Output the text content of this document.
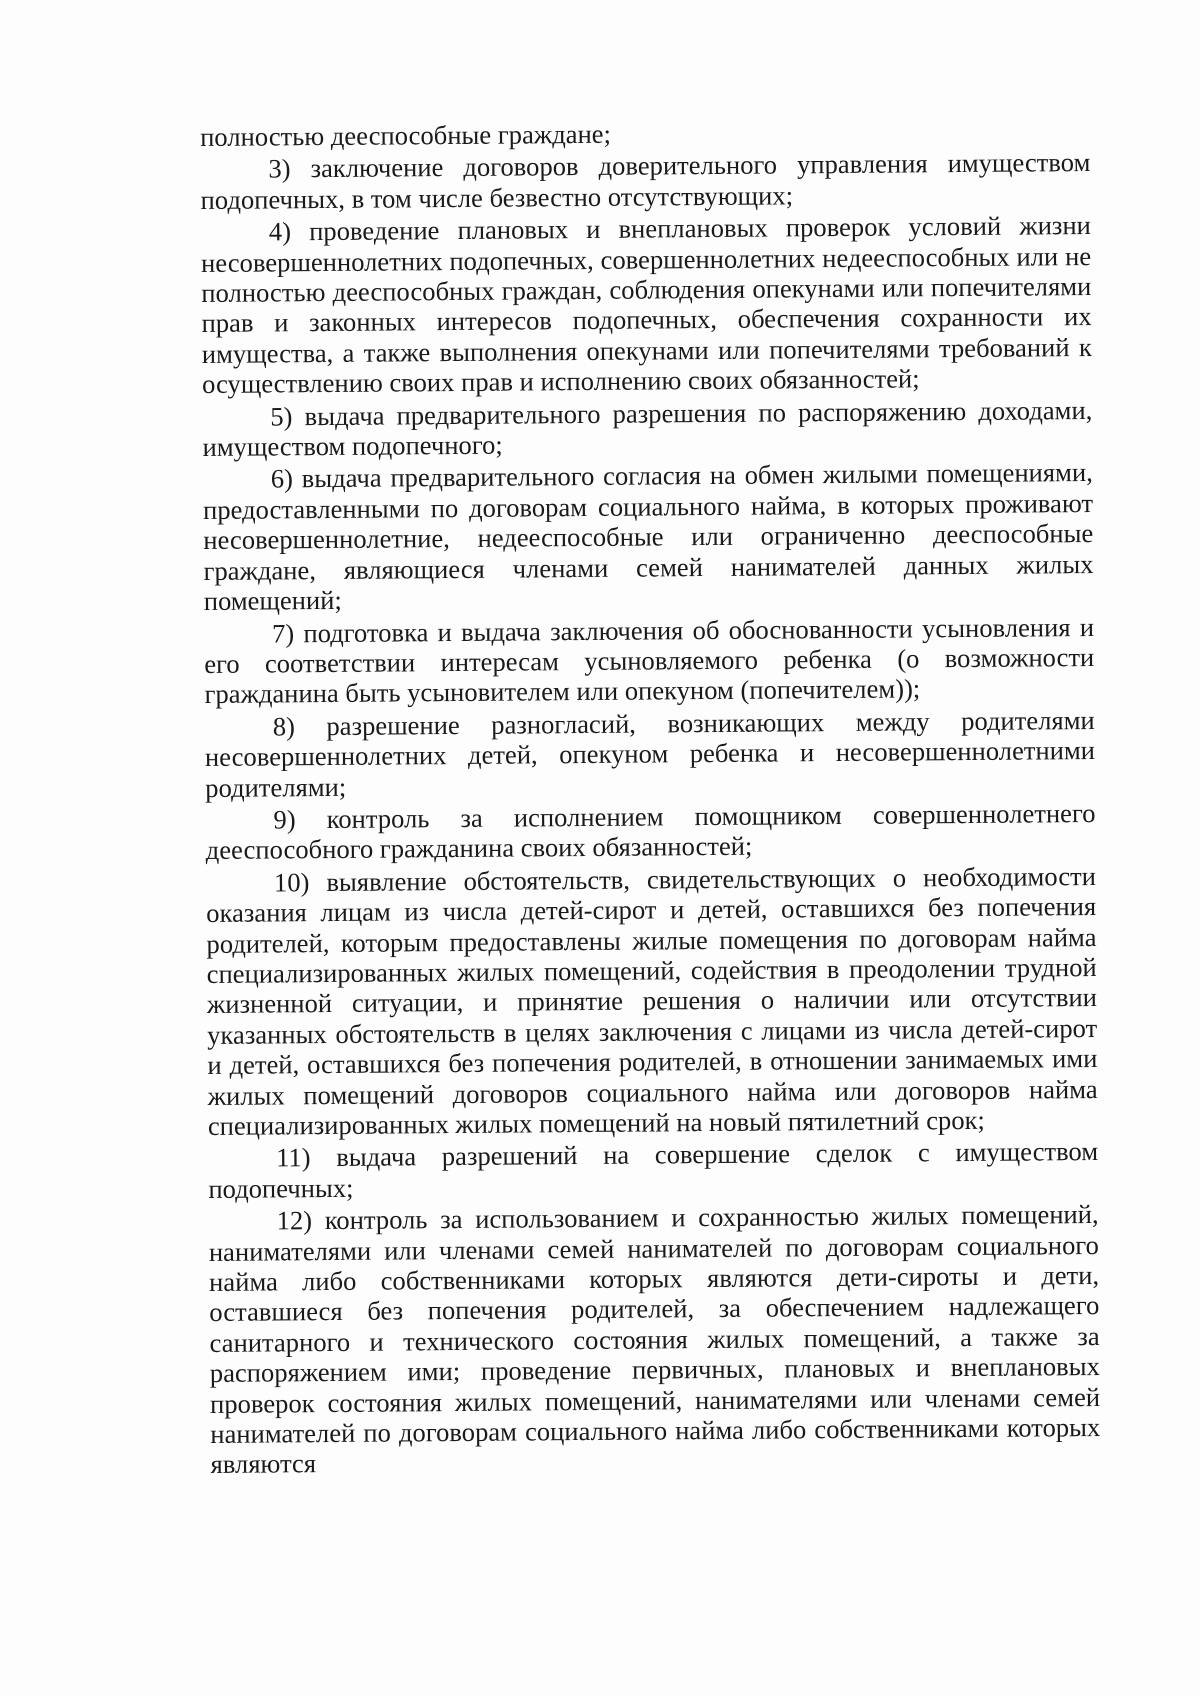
полностью дееспособные граждане;

3) заключение договоров доверительного управления имуществом подопечных, в том числе безвестно отсутствующих;

4) проведение плановых и внеплановых проверок условий жизни несовершеннолетних подопечных, совершеннолетних недееспособных или не полностью дееспособных граждан, соблюдения опекунами или попечителями прав и законных интересов подопечных, обеспечения сохранности их имущества, а также выполнения опекунами или попечителями требований к осуществлению своих прав и исполнению своих обязанностей;

5) выдача предварительного разрешения по распоряжению доходами, имуществом подопечного;

6) выдача предварительного согласия на обмен жилыми помещениями, предоставленными по договорам социального найма, в которых проживают несовершеннолетние, недееспособные или ограниченно дееспособные граждане, являющиеся членами семей нанимателей данных жилых помещений;

7) подготовка и выдача заключения об обоснованности усыновления и его соответствии интересам усыновляемого ребенка (о возможности гражданина быть усыновителем или опекуном (попечителем));

8) разрешение разногласий, возникающих между родителями несовершеннолетних детей, опекуном ребенка и несовершеннолетними родителями;

9) контроль за исполнением помощником совершеннолетнего дееспособного гражданина своих обязанностей;

10) выявление обстоятельств, свидетельствующих о необходимости оказания лицам из числа детей-сирот и детей, оставшихся без попечения родителей, которым предоставлены жилые помещения по договорам найма специализированных жилых помещений, содействия в преодолении трудной жизненной ситуации, и принятие решения о наличии или отсутствии указанных обстоятельств в целях заключения с лицами из числа детей-сирот и детей, оставшихся без попечения родителей, в отношении занимаемых ими жилых помещений договоров социального найма или договоров найма специализированных жилых помещений на новый пятилетний срок;

11) выдача разрешений на совершение сделок с имуществом подопечных;

12) контроль за использованием и сохранностью жилых помещений, нанимателями или членами семей нанимателей по договорам социального найма либо собственниками которых являются дети-сироты и дети, оставшиеся без попечения родителей, за обеспечением надлежащего санитарного и технического состояния жилых помещений, а также за распоряжением ими; проведение первичных, плановых и внеплановых проверок состояния жилых помещений, нанимателями или членами семей нанимателей по договорам социального найма либо собственниками которых являются
